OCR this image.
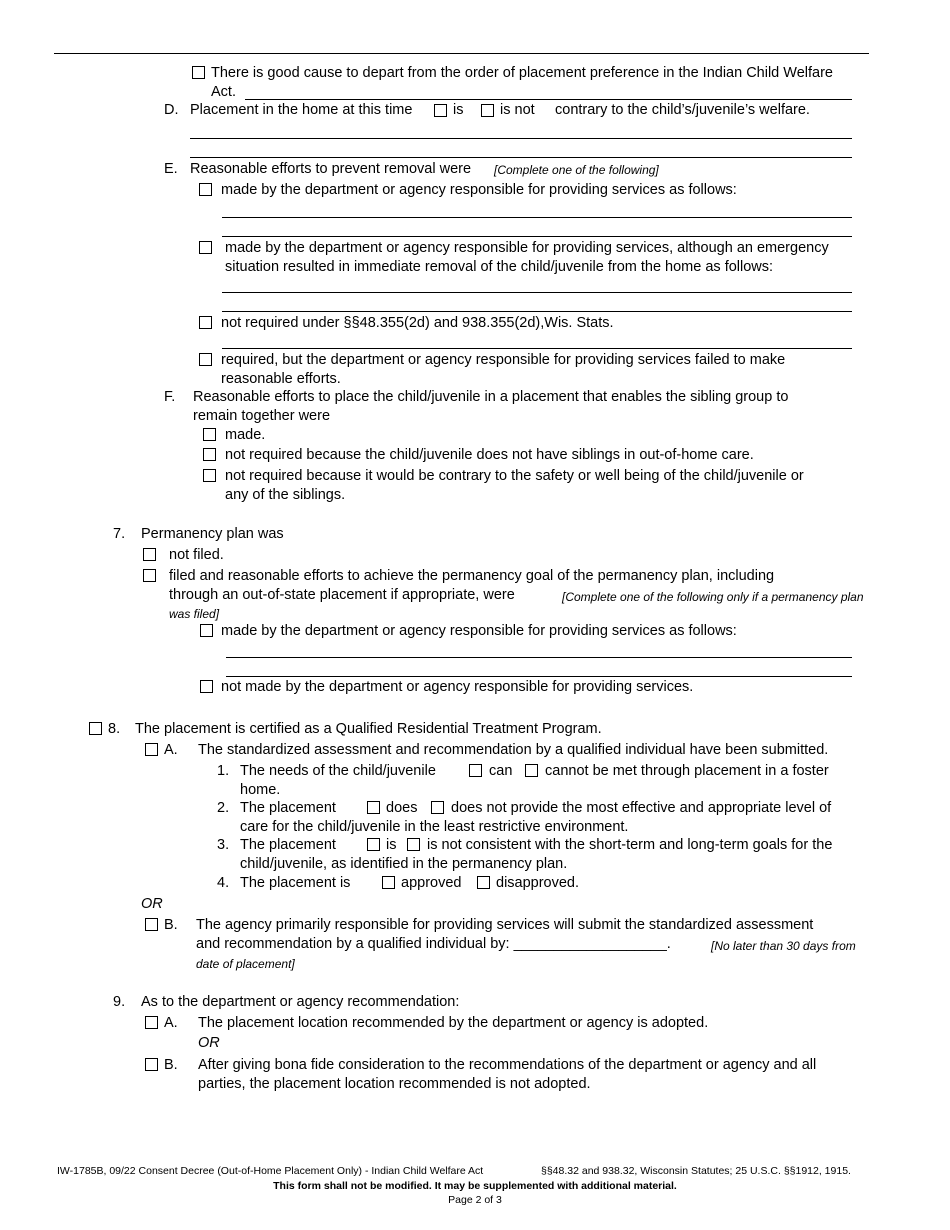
There is good cause to depart from the order of placement preference in the Indian Child Welfare
Act.
D. Placement in the home at this time	is	is not contrary to the child’s/juvenile’s welfare.
E. Reasonable efforts to prevent removal were [Complete one of the following]
made by the department or agency responsible for providing services as follows:
made by the department or agency responsible for providing services, although an emergency
situation resulted in immediate removal of the child/juvenile from the home as follows:
not required under §§48.355(2d) and 938.355(2d),Wis. Stats.
required, but the department or agency responsible for providing services failed to make
reasonable efforts.
F. Reasonable efforts to place the child/juvenile in a placement that enables the sibling group to
remain together were
made.
not required because the child/juvenile does not have siblings in out-of-home care.
not required because it would be contrary to the safety or well being of the child/juvenile or
any of the siblings.
7. Permanency plan was
not filed.
filed and reasonable efforts to achieve the permanency goal of the permanency plan, including
through an out-of-state placement if appropriate, were	[Complete one of the following only if a permanency plan
was filed]
made by the department or agency responsible for providing services as follows:
not made by the department or agency responsible for providing services.
8. The placement is certified as a Qualified Residential Treatment Program.
A. The standardized assessment and recommendation by a qualified individual have been submitted.
1. The needs of the child/juvenile	can cannot be met through placement in a foster
home.
2. The placement	does does not provide the most effective and appropriate level of
care for the child/juvenile in the least restrictive environment.
3. The placement	is is not consistent with the short-term and long-term goals for the
child/juvenile, as identified in the permanency plan.
4. The placement is	approved disapproved.
OR
B. The agency primarily responsible for providing services will submit the standardized assessment
and recommendation by a qualified individual by: ___________________.	[No later than 30 days from
date of placement]
9. As to the department or agency recommendation:
A. The placement location recommended by the department or agency is adopted.
OR
B. After giving bona fide consideration to the recommendations of the department or agency and all
parties, the placement location recommended is not adopted.
IW-1785B, 09/22 Consent Decree (Out-of-Home Placement Only) - Indian Child Welfare Act	§§48.32 and 938.32, Wisconsin Statutes; 25 U.S.C. §§1912, 1915.
This form shall not be modified. It may be supplemented with additional material.
Page 2 of 3
